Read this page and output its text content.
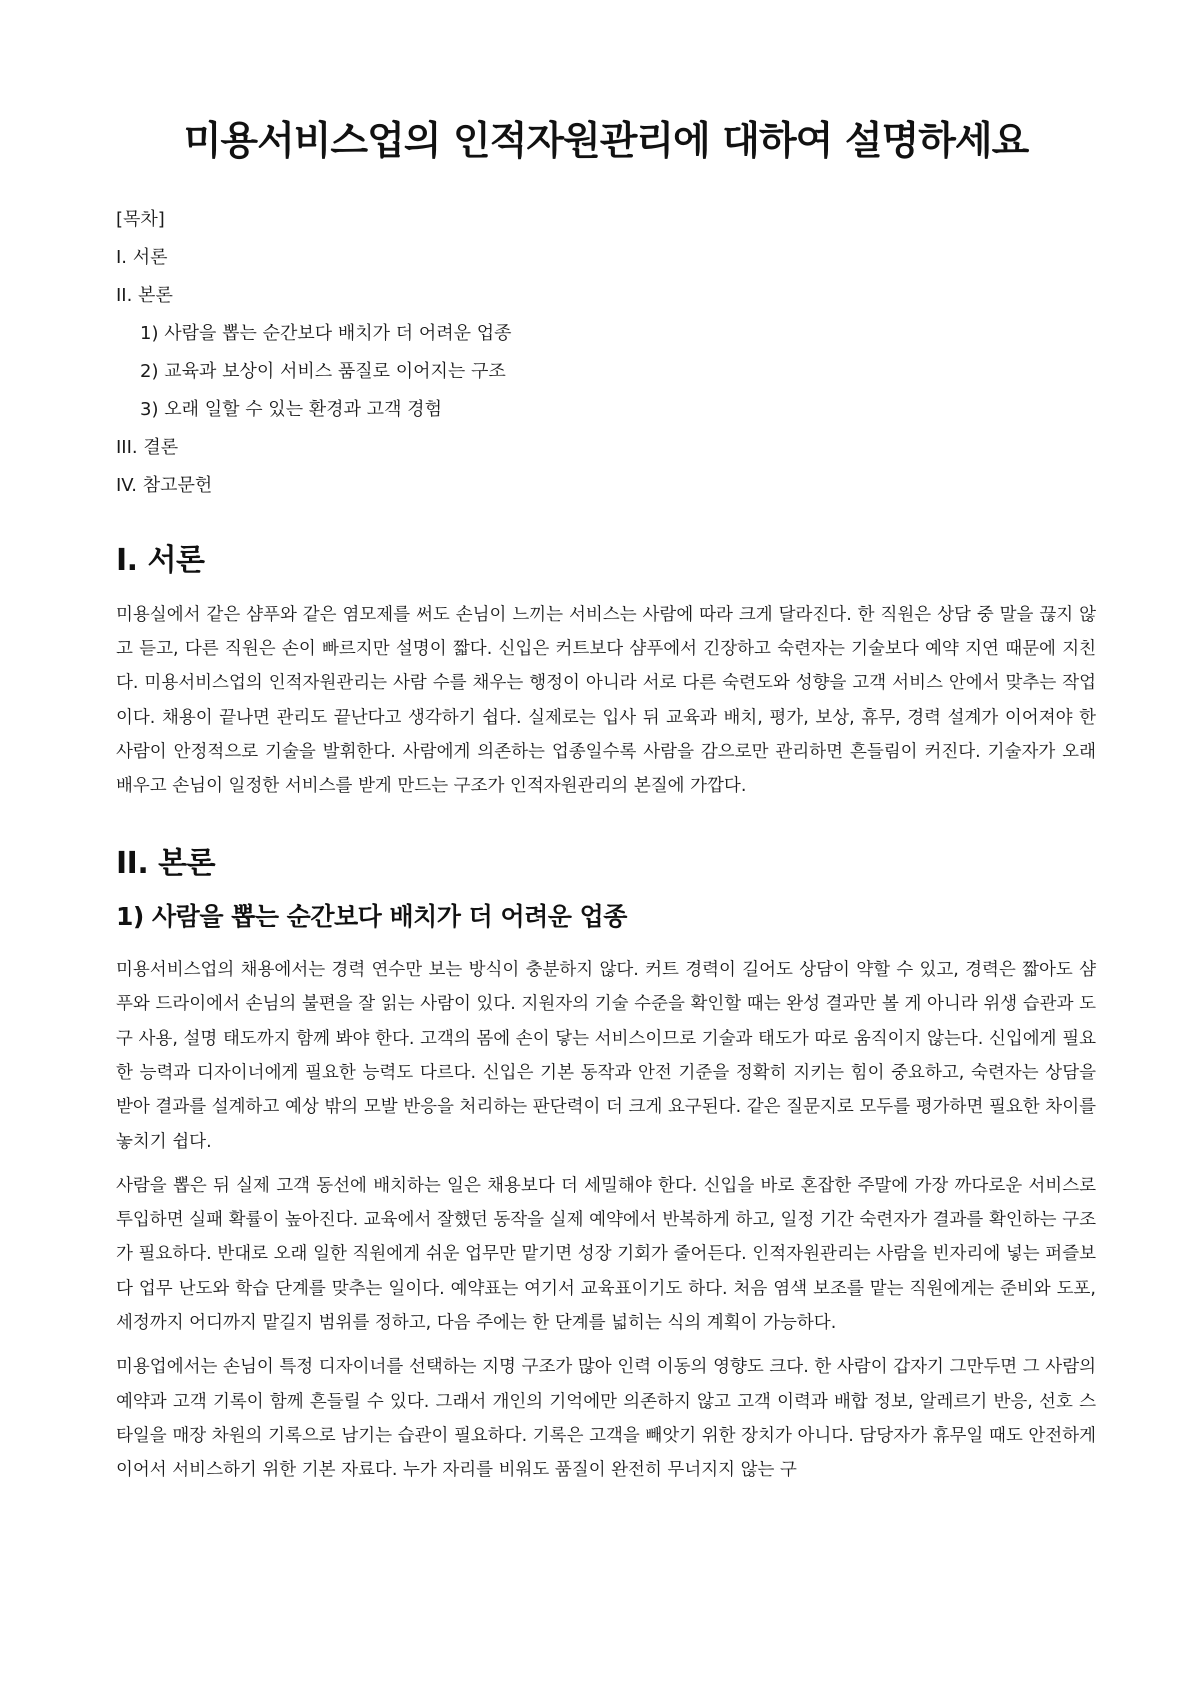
미용서비스업의 인적자원관리에 대하여 설명하세요
[목차]
I. 서론
II. 본론
1) 사람을 뽑는 순간보다 배치가 더 어려운 업종
2) 교육과 보상이 서비스 품질로 이어지는 구조
3) 오래 일할 수 있는 환경과 고객 경험
III. 결론
IV. 참고문헌
I. 서론

미용실에서 같은 샴푸와 같은 염모제를 써도 손님이 느끼는 서비스는 사람에 따라 크게 달라진다. 한 직원은 상담 중 말을 끊지 않고 듣고, 다른 직원은 손이 빠르지만 설명이 짧다. 신입은 커트보다 샴푸에서 긴장하고 숙련자는 기술보다 예약 지연 때문에 지친다. 미용서비스업의 인적자원관리는 사람 수를 채우는 행정이 아니라 서로 다른 숙련도와 성향을 고객 서비스 안에서 맞추는 작업이다. 채용이 끝나면 관리도 끝난다고 생각하기 쉽다. 실제로는 입사 뒤 교육과 배치, 평가, 보상, 휴무, 경력 설계가 이어져야 한 사람이 안정적으로 기술을 발휘한다. 사람에게 의존하는 업종일수록 사람을 감으로만 관리하면 흔들림이 커진다. 기술자가 오래 배우고 손님이 일정한 서비스를 받게 만드는 구조가 인적자원관리의 본질에 가깝다.

II. 본론
1) 사람을 뽑는 순간보다 배치가 더 어려운 업종

미용서비스업의 채용에서는 경력 연수만 보는 방식이 충분하지 않다. 커트 경력이 길어도 상담이 약할 수 있고, 경력은 짧아도 샴푸와 드라이에서 손님의 불편을 잘 읽는 사람이 있다. 지원자의 기술 수준을 확인할 때는 완성 결과만 볼 게 아니라 위생 습관과 도구 사용, 설명 태도까지 함께 봐야 한다. 고객의 몸에 손이 닿는 서비스이므로 기술과 태도가 따로 움직이지 않는다. 신입에게 필요한 능력과 디자이너에게 필요한 능력도 다르다. 신입은 기본 동작과 안전 기준을 정확히 지키는 힘이 중요하고, 숙련자는 상담을 받아 결과를 설계하고 예상 밖의 모발 반응을 처리하는 판단력이 더 크게 요구된다. 같은 질문지로 모두를 평가하면 필요한 차이를 놓치기 쉽다.

사람을 뽑은 뒤 실제 고객 동선에 배치하는 일은 채용보다 더 세밀해야 한다. 신입을 바로 혼잡한 주말에 가장 까다로운 서비스로 투입하면 실패 확률이 높아진다. 교육에서 잘했던 동작을 실제 예약에서 반복하게 하고, 일정 기간 숙련자가 결과를 확인하는 구조가 필요하다. 반대로 오래 일한 직원에게 쉬운 업무만 맡기면 성장 기회가 줄어든다. 인적자원관리는 사람을 빈자리에 넣는 퍼즐보다 업무 난도와 학습 단계를 맞추는 일이다. 예약표는 여기서 교육표이기도 하다. 처음 염색 보조를 맡는 직원에게는 준비와 도포, 세정까지 어디까지 맡길지 범위를 정하고, 다음 주에는 한 단계를 넓히는 식의 계획이 가능하다.

미용업에서는 손님이 특정 디자이너를 선택하는 지명 구조가 많아 인력 이동의 영향도 크다. 한 사람이 갑자기 그만두면 그 사람의 예약과 고객 기록이 함께 흔들릴 수 있다. 그래서 개인의 기억에만 의존하지 않고 고객 이력과 배합 정보, 알레르기 반응, 선호 스타일을 매장 차원의 기록으로 남기는 습관이 필요하다. 기록은 고객을 빼앗기 위한 장치가 아니다. 담당자가 휴무일 때도 안전하게 이어서 서비스하기 위한 기본 자료다. 누가 자리를 비워도 품질이 완전히 무너지지 않는 구
